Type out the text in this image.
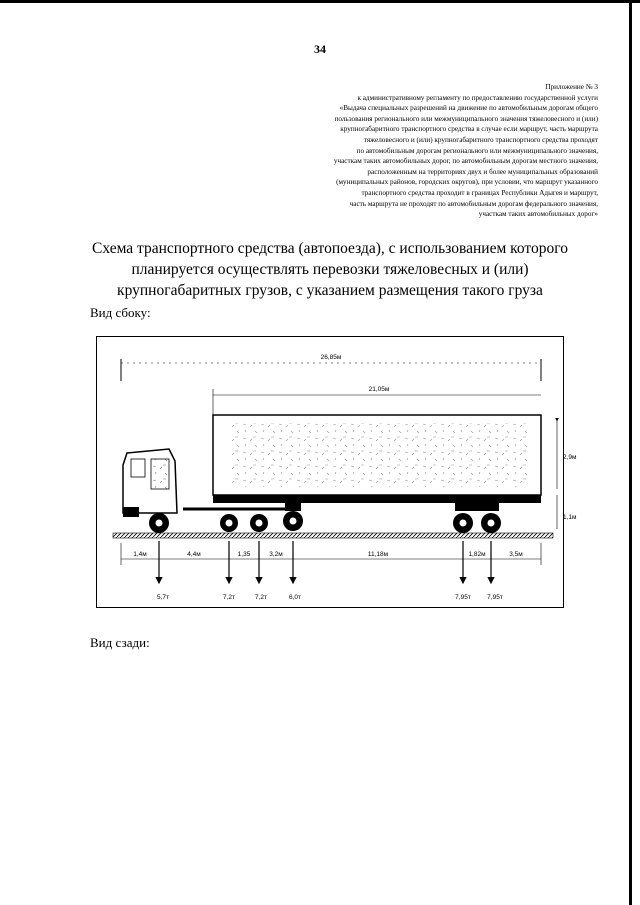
34
Приложение № 3
к административному регламенту по предоставлению государственной услуги
«Выдача специальных разрешений на движение по автомобильным дорогам общего
пользования регионального или межмуниципального значения тяжеловесного и (или)
крупногабаритного транспортного средства в случае если маршрут, часть маршрута
тяжеловесного и (или) крупногабаритного транспортного средства проходят
по автомобильным дорогам регионального или межмуниципального значения,
участкам таких автомобильных дорог, по автомобильным дорогам местного значения,
расположенным на территориях двух и более муниципальных образований
(муниципальных районов, городских округов), при условии, что маршрут указанного
транспортного средства проходит в границах Республики Адыгея и маршрут,
часть маршрута не проходят по автомобильным дорогам федерального значения,
участкам таких автомобильных дорог»
Схема транспортного средства (автопоезда), с использованием которого
планируется осуществлять перевозки тяжеловесных и (или)
крупногабаритных грузов, с указанием размещения такого груза
Вид сбоку:
26,85м
21,05м
2,9м
1,1м
1,4м	4,4м	1,35	3,2м	11,18м	1,82м	3,5м
5,7т	7,2т	7,2т	6,0т	7,95т	7,95т
Вид сзади:
